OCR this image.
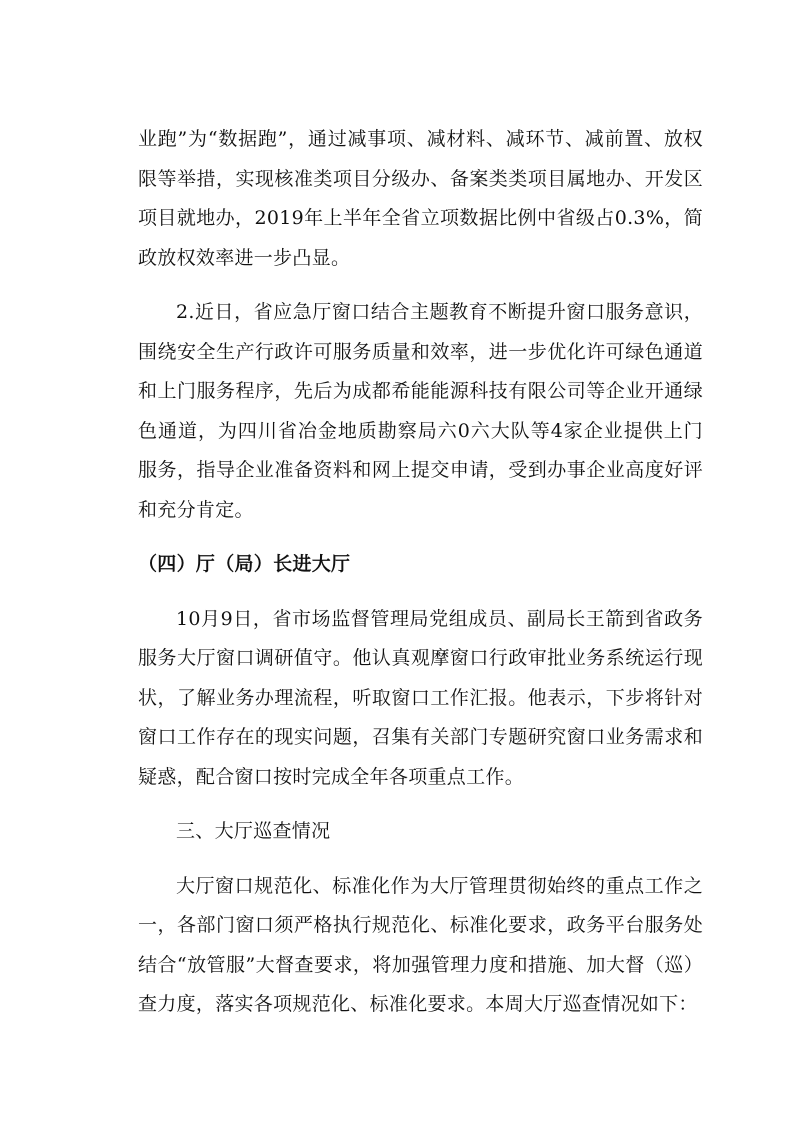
业跑”为“数据跑”，通过减事项、减材料、减环节、减前置、放权限等举措，实现核准类项目分级办、备案类类项目属地办、开发区项目就地办，2019年上半年全省立项数据比例中省级占0.3%，简政放权效率进一步凸显。

2.近日，省应急厅窗口结合主题教育不断提升窗口服务意识，围绕安全生产行政许可服务质量和效率，进一步优化许可绿色通道和上门服务程序，先后为成都希能能源科技有限公司等企业开通绿色通道，为四川省冶金地质勘察局六0六大队等4家企业提供上门服务，指导企业准备资料和网上提交申请，受到办事企业高度好评和充分肯定。

（四）厅（局）长进大厅

10月9日，省市场监督管理局党组成员、副局长王箭到省政务服务大厅窗口调研值守。他认真观摩窗口行政审批业务系统运行现状，了解业务办理流程，听取窗口工作汇报。他表示，下步将针对窗口工作存在的现实问题，召集有关部门专题研究窗口业务需求和疑惑，配合窗口按时完成全年各项重点工作。

三、大厅巡查情况

大厅窗口规范化、标准化作为大厅管理贯彻始终的重点工作之一，各部门窗口须严格执行规范化、标准化要求，政务平台服务处结合“放管服”大督查要求，将加强管理力度和措施、加大督（巡）查力度，落实各项规范化、标准化要求。本周大厅巡查情况如下：
